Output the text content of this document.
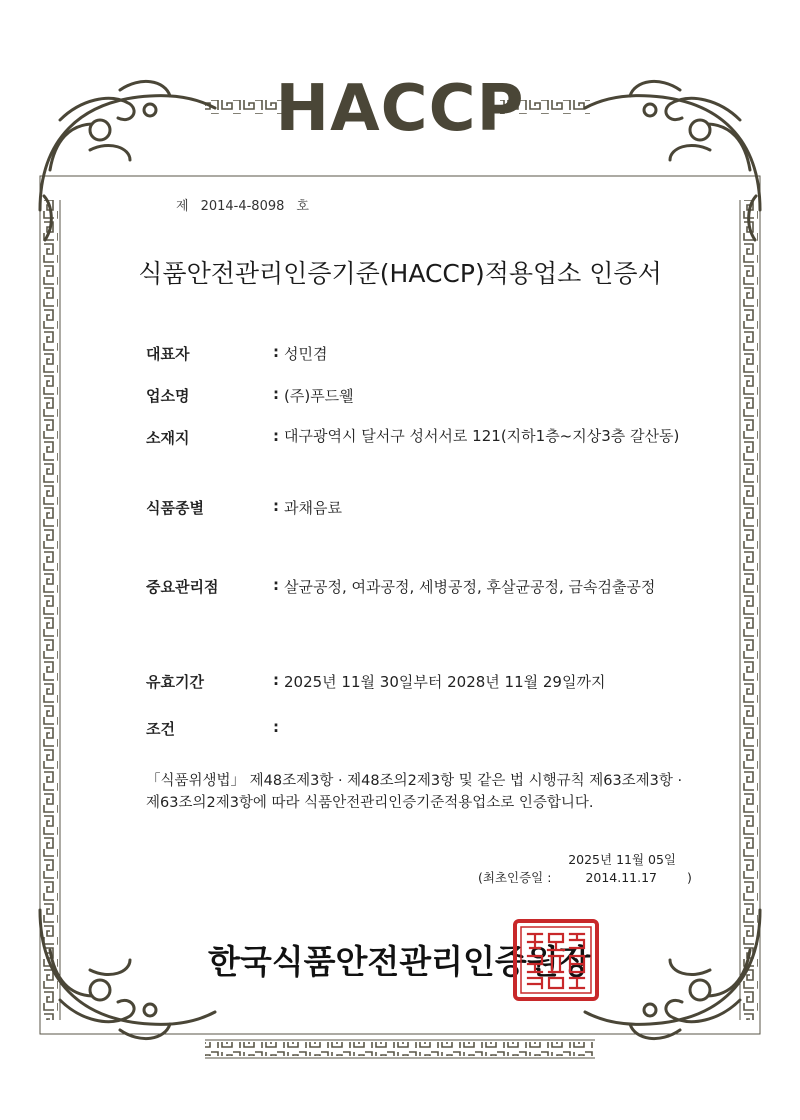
HACCP
제 2014-4-8098 호
식품안전관리인증기준(HACCP)적용업소 인증서
대표자	: 성민겸
업소명	: (주)푸드웰
소재지	: 대구광역시 달서구 성서서로 121(지하1층~지상3층 갈산동)
식품종별	: 과채음료
중요관리점	: 살균공정, 여과공정, 세병공정, 후살균공정, 금속검출공정
유효기간	: 2025년 11월 30일부터 2028년 11월 29일까지
조건	:
「식품위생법」 제48조제3항 · 제48조의2제3항 및 같은 법 시행규칙 제63조제3항 · 제63조의2제3항에 따라 식품안전관리인증기준적용업소로 인증합니다.
2025년 11월 05일
(최초인증일 :	2014.11.17 )
한국식품안전관리인증원장
